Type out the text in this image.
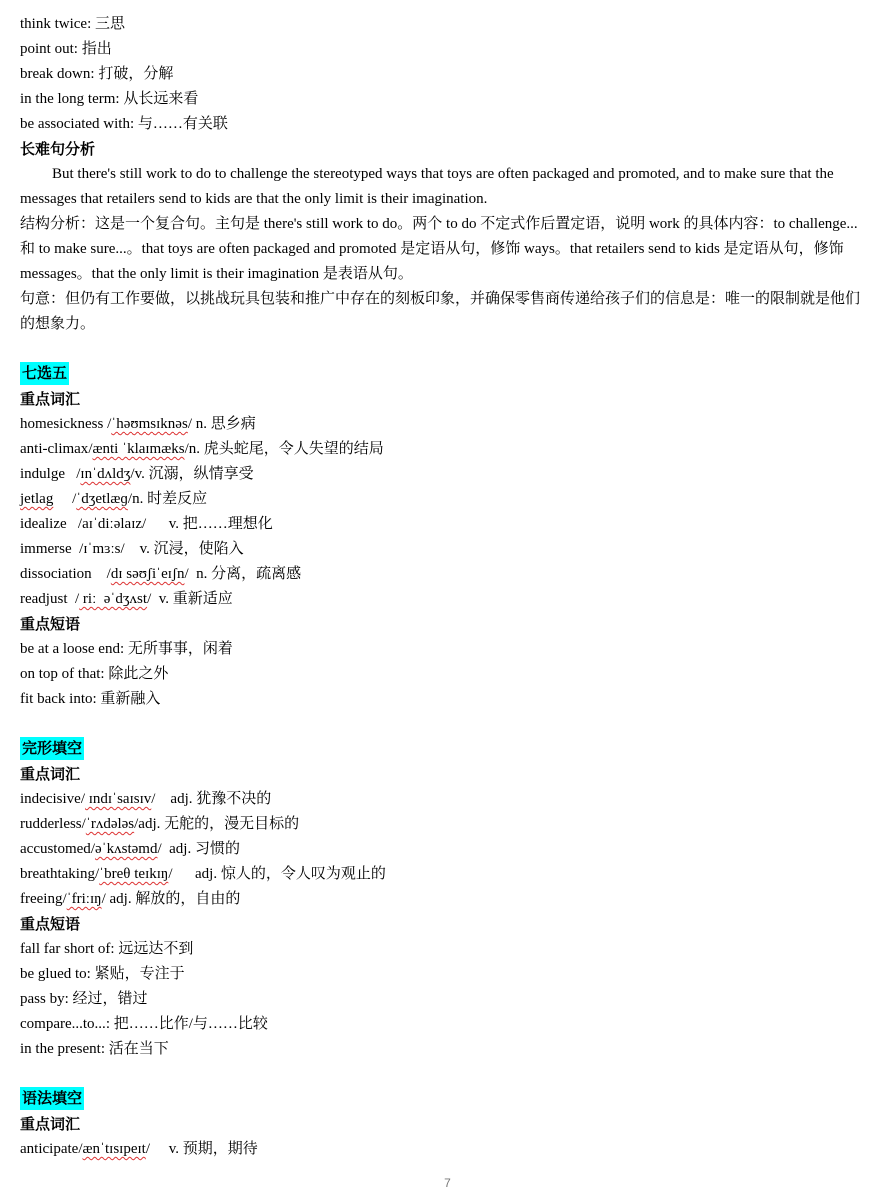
think twice: 三思
point out: 指出
break down: 打破，分解
in the long term: 从长远来看
be associated with: 与……有关联
长难句分析
But there's still work to do to challenge the stereotyped ways that toys are often packaged and promoted, and to make sure that the messages that retailers send to kids are that the only limit is their imagination.
结构分析：这是一个复合句。主句是 there's still work to do。两个 to do 不定式作后置定语，说明 work 的具体内容：to challenge...和 to make sure...。that toys are often packaged and promoted 是定语从句，修饰 ways。that retailers send to kids 是定语从句，修饰 messages。that the only limit is their imagination 是表语从句。
句意：但仍有工作要做，以挑战玩具包装和推广中存在的刻板印象，并确保零售商传递给孩子们的信息是：唯一的限制就是他们的想象力。
七选五
重点词汇
homesickness /ˈhəʊmsɪknəs/ n. 思乡病
anti-climax/ænti ˈklaɪmæks/n. 虎头蛇尾，令人失望的结局
indulge   /ɪnˈdʌldʒ/v. 沉溺，纵情享受
jetlag     /ˈdʒetlæɡ/n. 时差反应
idealize   /aɪˈdiːəlaɪz/      v. 把……理想化
immerse  /ɪˈmɜːs/    v. 沉浸，使陷入
dissociation    /dɪ səʊʃiˈeɪʃn/  n. 分离，疏离感
readjust  / riː  əˈdʒʌst/  v. 重新适应
重点短语
be at a loose end: 无所事事，闲着
on top of that: 除此之外
fit back into: 重新融入
完形填空
重点词汇
indecisive/ ɪndɪˈsaɪsɪv/    adj. 犹豫不决的
rudderless/ˈrʌdələs/adj. 无舵的，漫无目标的
accustomed/əˈkʌstəmd/  adj. 习惯的
breathtaking/ˈbreθ teɪkɪŋ/      adj. 惊人的，令人叹为观止的
freeing/ˈfriːɪŋ/ adj. 解放的，自由的
重点短语
fall far short of: 远远达不到
be glued to: 紧贴，专注于
pass by: 经过，错过
compare...to...: 把……比作/与……比较
in the present: 活在当下
语法填空
重点词汇
anticipate/ænˈtɪsɪpeɪt/     v. 预期，期待
7
